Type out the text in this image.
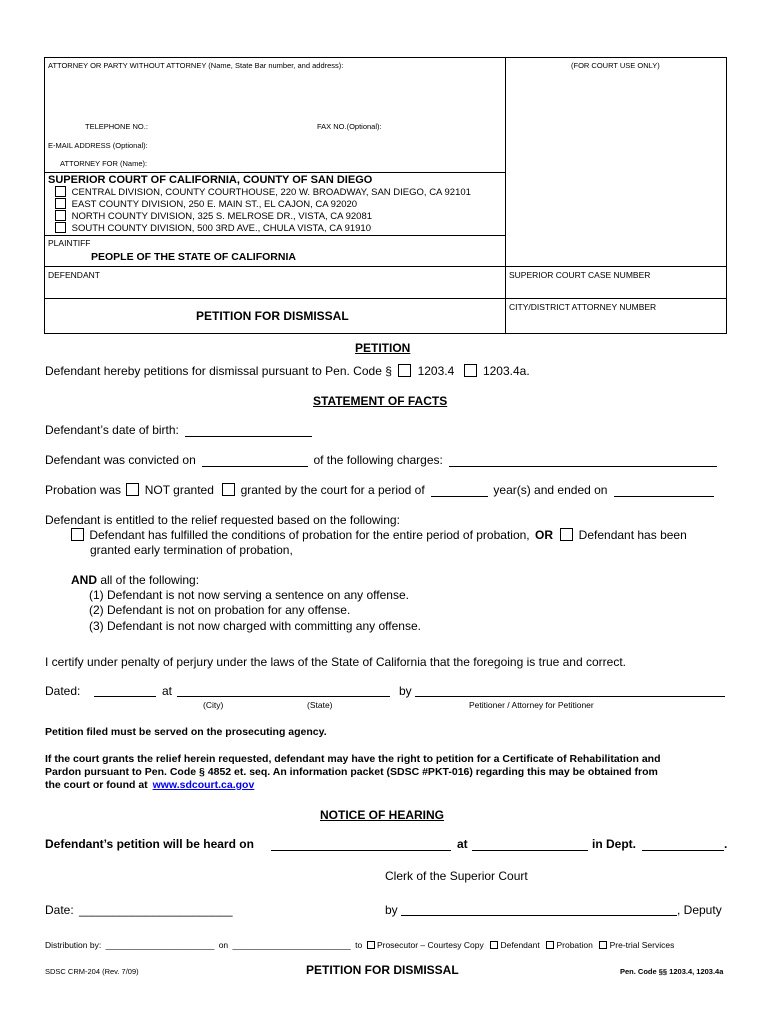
ATTORNEY OR PARTY WITHOUT ATTORNEY (Name, State Bar number, and address):	(FOR COURT USE ONLY)
TELEPHONE NO.:	FAX NO.(Optional):
E-MAIL ADDRESS (Optional):
ATTORNEY FOR (Name):
SUPERIOR COURT OF CALIFORNIA, COUNTY OF SAN DIEGO
CENTRAL DIVISION, COUNTY COURTHOUSE, 220 W. BROADWAY, SAN DIEGO, CA 92101
EAST COUNTY DIVISION, 250 E. MAIN ST., EL CAJON, CA 92020
NORTH COUNTY DIVISION, 325 S. MELROSE DR., VISTA, CA 92081
SOUTH COUNTY DIVISION, 500 3RD AVE., CHULA VISTA, CA 91910
PLAINTIFF
PEOPLE OF THE STATE OF CALIFORNIA
DEFENDANT	SUPERIOR COURT CASE NUMBER
CITY/DISTRICT ATTORNEY NUMBER
PETITION FOR DISMISSAL
PETITION
Defendant hereby petitions for dismissal pursuant to Pen. Code § 1203.4 1203.4a.
STATEMENT OF FACTS
Defendant’s date of birth:
Defendant was convicted on	of the following charges:
Probation was NOT granted granted by the court for a period of	year(s) and ended on
Defendant is entitled to the relief requested based on the following:
Defendant has fulfilled the conditions of probation for the entire period of probation, OR Defendant has been
granted early termination of probation,
AND all of the following:
(1) Defendant is not now serving a sentence on any offense.
(2) Defendant is not on probation for any offense.
(3) Defendant is not now charged with committing any offense.
I certify under penalty of perjury under the laws of the State of California that the foregoing is true and correct.
Dated:	at	by
(City)	(State)	Petitioner / Attorney for Petitioner
Petition filed must be served on the prosecuting agency.
If the court grants the relief herein requested, defendant may have the right to petition for a Certificate of Rehabilitation and
Pardon pursuant to Pen. Code § 4852 et. seq. An information packet (SDSC #PKT-016) regarding this may be obtained from
the court or found at www.sdcourt.ca.gov
NOTICE OF HEARING
Defendant’s petition will be heard on	at	in Dept.	.
Clerk of the Superior Court
Date: _______________________	by	, Deputy
Distribution by: _______________________ on _________________________ to Prosecutor – Courtesy Copy Defendant Probation Pre-trial Services
SDSC CRM-204 (Rev. 7/09)	PETITION FOR DISMISSAL	Pen. Code §§ 1203.4, 1203.4a
